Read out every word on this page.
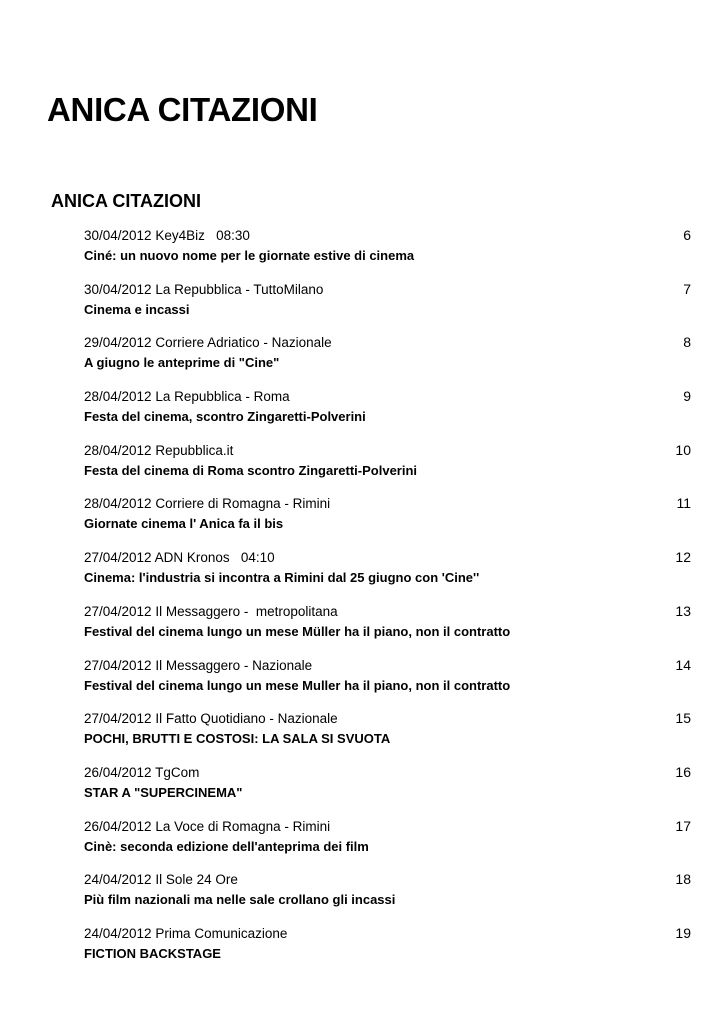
ANICA CITAZIONI
ANICA CITAZIONI
30/04/2012 Key4Biz   08:30
Ciné: un nuovo nome per le giornate estive di cinema
6
30/04/2012 La Repubblica - TuttoMilano
Cinema e incassi
7
29/04/2012 Corriere Adriatico - Nazionale
A giugno le anteprime di "Cine"
8
28/04/2012 La Repubblica - Roma
Festa del cinema, scontro Zingaretti-Polverini
9
28/04/2012 Repubblica.it
Festa del cinema di Roma scontro Zingaretti-Polverini
10
28/04/2012 Corriere di Romagna - Rimini
Giornate cinema l' Anica fa il bis
11
27/04/2012 ADN Kronos   04:10
Cinema: l'industria si incontra a Rimini dal 25 giugno con 'Cine''
12
27/04/2012 Il Messaggero -  metropolitana
Festival del cinema lungo un mese Müller ha il piano, non il contratto
13
27/04/2012 Il Messaggero - Nazionale
Festival del cinema lungo un mese Muller ha il piano, non il contratto
14
27/04/2012 Il Fatto Quotidiano - Nazionale
POCHI, BRUTTI E COSTOSI: LA SALA SI SVUOTA
15
26/04/2012 TgCom
STAR A "SUPERCINEMA"
16
26/04/2012 La Voce di Romagna - Rimini
Cinè: seconda edizione dell'anteprima dei film
17
24/04/2012 Il Sole 24 Ore
Più film nazionali ma nelle sale crollano gli incassi
18
24/04/2012 Prima Comunicazione
FICTION BACKSTAGE
19
